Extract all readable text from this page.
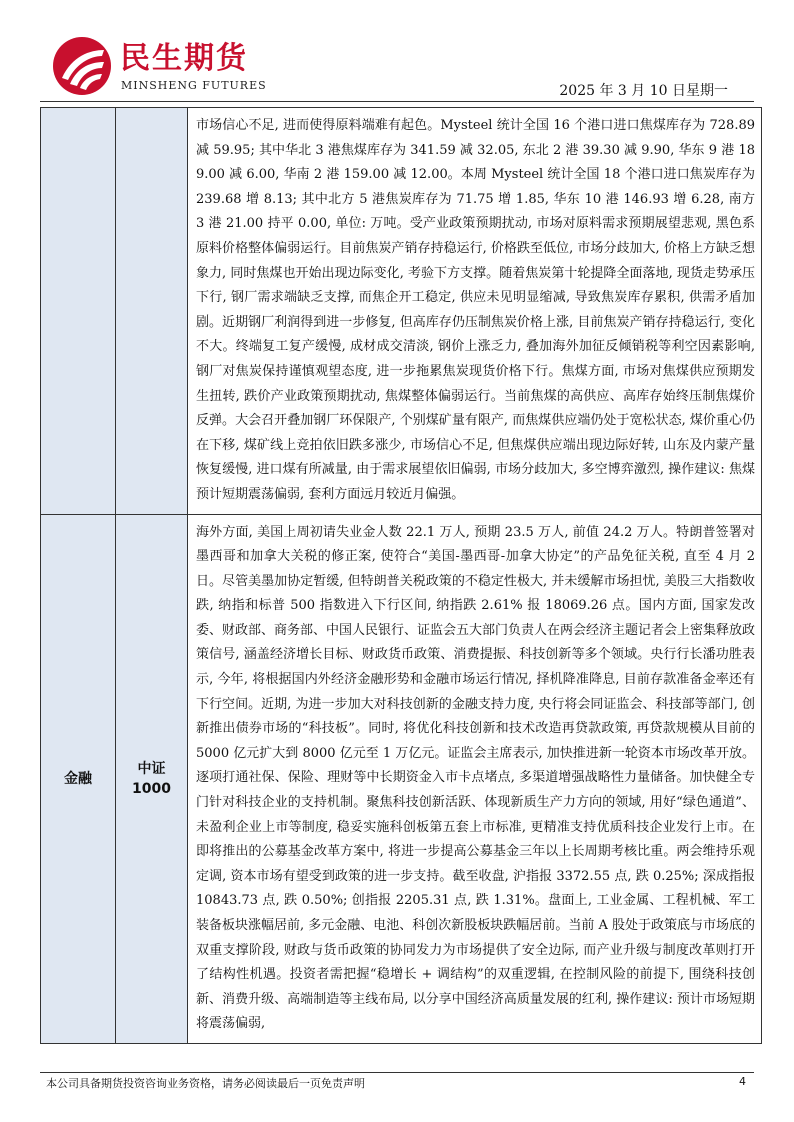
民生期货
MINSHENG FUTURES	2025 年 3 月 10 日星期一

		市场信心不足, 进而使得原料端难有起色。Mysteel 统计全国 16 个港口进口焦煤库存为 728.89 减 59.95; 其中华北 3 港焦煤库存为 341.59 减 32.05, 东北 2 港 39.30 减 9.90, 华东 9 港 189.00 减 6.00, 华南 2 港 159.00 减 12.00。本周 Mysteel 统计全国 18 个港口进口焦炭库存为 239.68 增 8.13; 其中北方 5 港焦炭库存为 71.75 增 1.85, 华东 10 港 146.93 增 6.28, 南方 3 港 21.00 持平 0.00, 单位: 万吨。受产业政策预期扰动, 市场对原料需求预期展望悲观, 黑色系原料价格整体偏弱运行。目前焦炭产销存持稳运行, 价格跌至低位, 市场分歧加大, 价格上方缺乏想象力, 同时焦煤也开始出现边际变化, 考验下方支撑。随着焦炭第十轮提降全面落地, 现货走势承压下行, 钢厂需求端缺乏支撑, 而焦企开工稳定, 供应未见明显缩减, 导致焦炭库存累积, 供需矛盾加剧。近期钢厂利润得到进一步修复, 但高库存仍压制焦炭价格上涨, 目前焦炭产销存持稳运行, 变化不大。终端复工复产缓慢, 成材成交清淡, 钢价上涨乏力, 叠加海外加征反倾销税等利空因素影响, 钢厂对焦炭保持谨慎观望态度, 进一步拖累焦炭现货价格下行。焦煤方面, 市场对焦煤供应预期发生扭转, 跌价产业政策预期扰动, 焦煤整体偏弱运行。当前焦煤的高供应、高库存始终压制焦煤价反弹。大会召开叠加钢厂环保限产, 个别煤矿量有限产, 而焦煤供应端仍处于宽松状态, 煤价重心仍在下移, 煤矿线上竞拍依旧跌多涨少, 市场信心不足, 但焦煤供应端出现边际好转, 山东及内蒙产量恢复缓慢, 进口煤有所减量, 由于需求展望依旧偏弱, 市场分歧加大, 多空博弈激烈, 操作建议: 焦煤预计短期震荡偏弱, 套利方面远月较近月偏强。

金融	中证 1000	海外方面, 美国上周初请失业金人数 22.1 万人, 预期 23.5 万人, 前值 24.2 万人。特朗普签署对墨西哥和加拿大关税的修正案, 使符合“美国-墨西哥-加拿大协定”的产品免征关税, 直至 4 月 2 日。尽管美墨加协定暂缓, 但特朗普关税政策的不稳定性极大, 并未缓解市场担忧, 美股三大指数收跌, 纳指和标普 500 指数进入下行区间, 纳指跌 2.61% 报 18069.26 点。国内方面, 国家发改委、财政部、商务部、中国人民银行、证监会五大部门负责人在两会经济主题记者会上密集释放政策信号, 涵盖经济增长目标、财政货币政策、消费提振、科技创新等多个领域。央行行长潘功胜表示, 今年, 将根据国内外经济金融形势和金融市场运行情况, 择机降准降息, 目前存款准备金率还有下行空间。近期, 为进一步加大对科技创新的金融支持力度, 央行将会同证监会、科技部等部门, 创新推出债券市场的“科技板”。同时, 将优化科技创新和技术改造再贷款政策, 再贷款规模从目前的 5000 亿元扩大到 8000 亿元至 1 万亿元。证监会主席表示, 加快推进新一轮资本市场改革开放。逐项打通社保、保险、理财等中长期资金入市卡点堵点, 多渠道增强战略性力量储备。加快健全专门针对科技企业的支持机制。聚焦科技创新活跃、体现新质生产力方向的领域, 用好“绿色通道”、未盈利企业上市等制度, 稳妥实施科创板第五套上市标准, 更精准支持优质科技企业发行上市。在即将推出的公募基金改革方案中, 将进一步提高公募基金三年以上长周期考核比重。两会维持乐观定调, 资本市场有望受到政策的进一步支持。截至收盘, 沪指报 3372.55 点, 跌 0.25%; 深成指报 10843.73 点, 跌 0.50%; 创指报 2205.31 点, 跌 1.31%。盘面上, 工业金属、工程机械、军工装备板块涨幅居前, 多元金融、电池、科创次新股板块跌幅居前。当前 A 股处于政策底与市场底的双重支撑阶段, 财政与货币政策的协同发力为市场提供了安全边际, 而产业升级与制度改革则打开了结构性机遇。投资者需把握“稳增长 + 调结构”的双重逻辑, 在控制风险的前提下, 围绕科技创新、消费升级、高端制造等主线布局, 以分享中国经济高质量发展的红利, 操作建议: 预计市场短期将震荡偏弱,

本公司具备期货投资咨询业务资格，请务必阅读最后一页免责声明	4
